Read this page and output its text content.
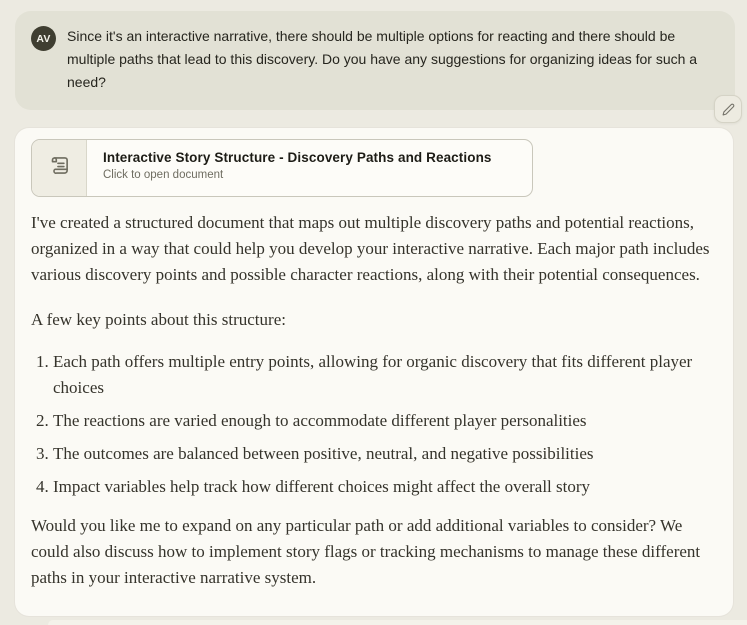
AV Since it's an interactive narrative, there should be multiple options for reacting and there should be multiple paths that lead to this discovery. Do you have any suggestions for organizing ideas for such a need?
Interactive Story Structure - Discovery Paths and Reactions
Click to open document

I've created a structured document that maps out multiple discovery paths and potential reactions, organized in a way that could help you develop your interactive narrative. Each major path includes various discovery points and possible character reactions, along with their potential consequences.

A few key points about this structure:

1. Each path offers multiple entry points, allowing for organic discovery that fits different player choices
2. The reactions are varied enough to accommodate different player personalities
3. The outcomes are balanced between positive, neutral, and negative possibilities
4. Impact variables help track how different choices might affect the overall story

Would you like me to expand on any particular path or add additional variables to consider? We could also discuss how to implement story flags or tracking mechanisms to manage these different paths in your interactive narrative system.
